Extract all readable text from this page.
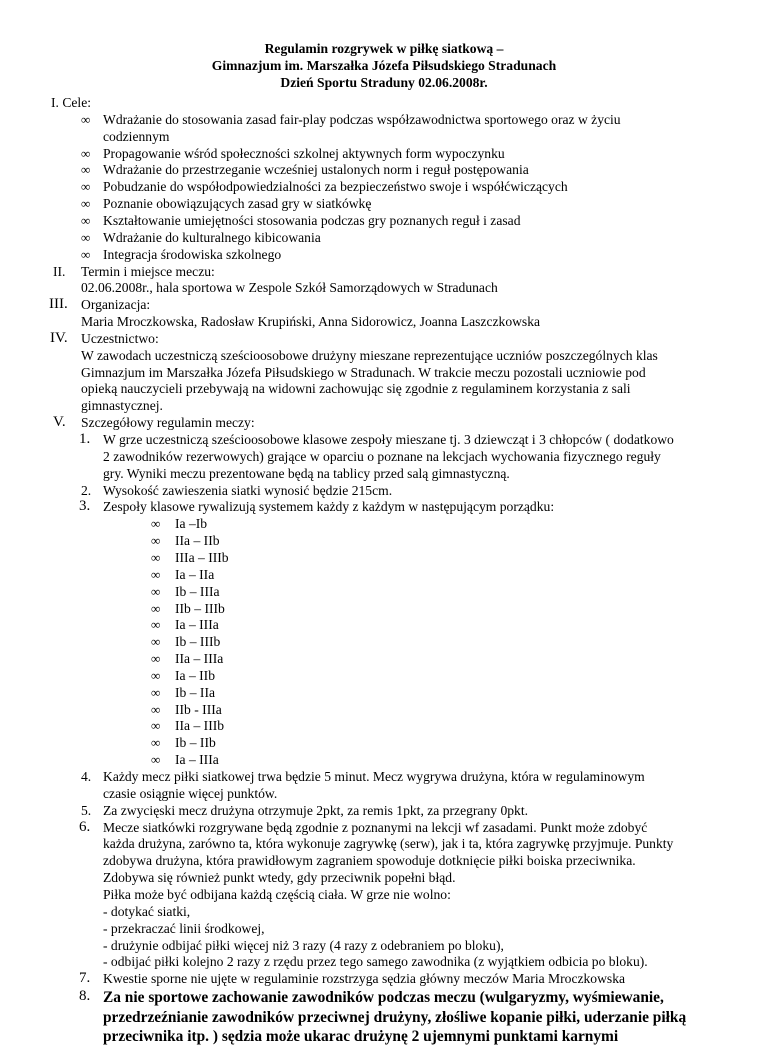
Regulamin rozgrywek w piłkę siatkową –
Gimnazjum im. Marszałka Józefa Piłsudskiego Stradunach
Dzień Sportu Straduny 02.06.2008r.
I. Cele:
∞ Wdrażanie do stosowania zasad fair-play podczas współzawodnictwa sportowego oraz w życiu
codziennym
∞ Propagowanie wśród społeczności szkolnej aktywnych form wypoczynku
∞ Wdrażanie do przestrzeganie wcześniej ustalonych norm i reguł postępowania
∞ Pobudzanie do współodpowiedzialności za bezpieczeństwo swoje i współćwiczących
∞ Poznanie obowiązujących zasad gry w siatkówkę
∞ Kształtowanie umiejętności stosowania podczas gry poznanych reguł i zasad
∞ Wdrażanie do kulturalnego kibicowania
∞ Integracja środowiska szkolnego
II. Termin i miejsce meczu:
02.06.2008r., hala sportowa w Zespole Szkół Samorządowych w Stradunach
III. Organizacja:
Maria Mroczkowska, Radosław Krupiński, Anna Sidorowicz, Joanna Laszczkowska
IV. Uczestnictwo:
W zawodach uczestniczą sześcioosobowe drużyny mieszane reprezentujące uczniów poszczególnych klas
Gimnazjum im Marszałka Józefa Piłsudskiego w Stradunach. W trakcie meczu pozostali uczniowie pod
opieką nauczycieli przebywają na widowni zachowując się zgodnie z regulaminem korzystania z sali
gimnastycznej.
V. Szczegółowy regulamin meczy:
1. W grze uczestniczą sześcioosobowe klasowe zespoły mieszane tj. 3 dziewcząt i 3 chłopców ( dodatkowo
2 zawodników rezerwowych) grające w oparciu o poznane na lekcjach wychowania fizycznego reguły
gry. Wyniki meczu prezentowane będą na tablicy przed salą gimnastyczną.
2. Wysokość zawieszenia siatki wynosić będzie 215cm.
3. Zespoły klasowe rywalizują systemem każdy z każdym w następującym porządku:
∞ Ia –Ib
∞ IIa – IIb
∞ IIIa – IIIb
∞ Ia – IIa
∞ Ib – IIIa
∞ IIb – IIIb
∞ Ia – IIIa
∞ Ib – IIIb
∞ IIa – IIIa
∞ Ia – IIb
∞ Ib – IIa
∞ IIb - IIIa
∞ IIa – IIIb
∞ Ib – IIb
∞ Ia – IIIa
4. Każdy mecz piłki siatkowej trwa będzie 5 minut. Mecz wygrywa drużyna, która w regulaminowym
czasie osiągnie więcej punktów.
5. Za zwycięski mecz drużyna otrzymuje 2pkt, za remis 1pkt, za przegrany 0pkt.
6. Mecze siatkówki rozgrywane będą zgodnie z poznanymi na lekcji wf zasadami. Punkt może zdobyć
każda drużyna, zarówno ta, która wykonuje zagrywkę (serw), jak i ta, która zagrywkę przyjmuje. Punkty
zdobywa drużyna, która prawidłowym zagraniem spowoduje dotknięcie piłki boiska przeciwnika.
Zdobywa się również punkt wtedy, gdy przeciwnik popełni błąd.
Piłka może być odbijana każdą częścią ciała. W grze nie wolno:
- dotykać siatki,
- przekraczać linii środkowej,
- drużynie odbijać piłki więcej niż 3 razy (4 razy z odebraniem po bloku),
- odbijać piłki kolejno 2 razy z rzędu przez tego samego zawodnika (z wyjątkiem odbicia po bloku).
7. Kwestie sporne nie ujęte w regulaminie rozstrzyga sędzia główny meczów Maria Mroczkowska
8. Za nie sportowe zachowanie zawodników podczas meczu (wulgaryzmy, wyśmiewanie,
przedrzeźnianie zawodników przeciwnej drużyny, złośliwe kopanie piłki, uderzanie piłką
przeciwnika itp. ) sędzia może ukarac drużynę 2 ujemnymi punktami karnymi
